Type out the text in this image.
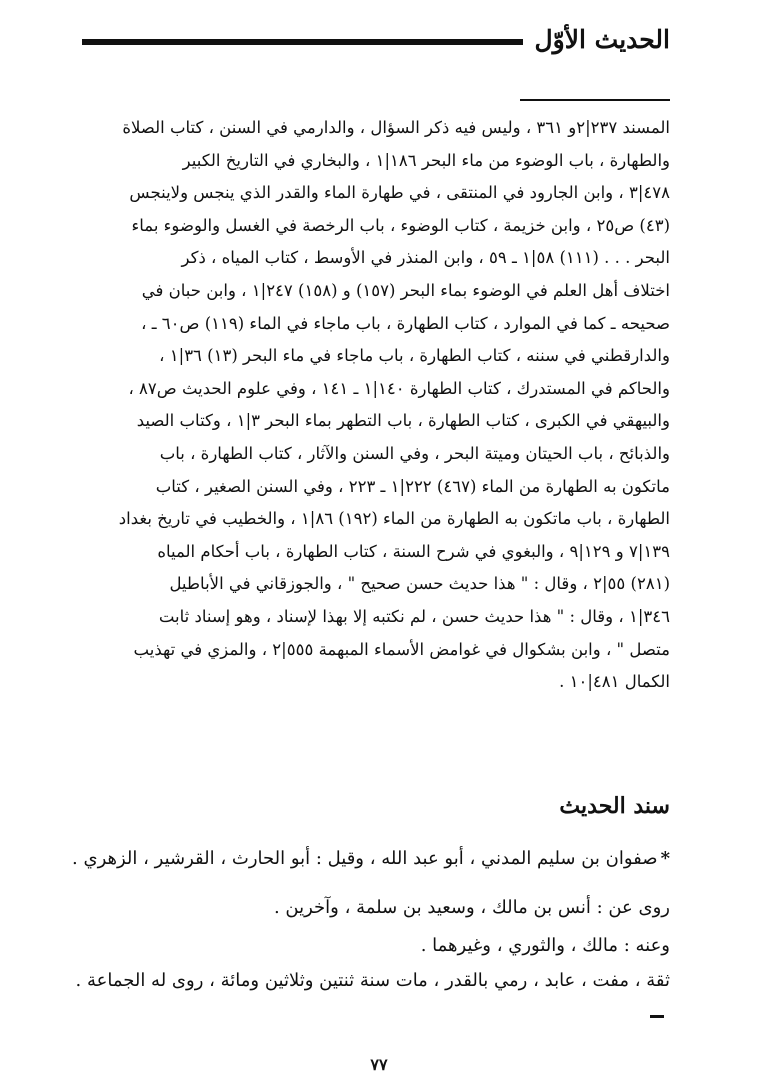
الحديث الأوّل
المسند ٢٣٧|٢و ٣٦١ ، وليس فيه ذكر السؤال ، والدارمي في السنن ، كتاب الصلاة
والطهارة ، باب الوضوء من ماء البحر ١٨٦|١ ، والبخاري في التاريخ الكبير
٤٧٨|٣ ، وابن الجارود في المنتقى ، في طهارة الماء والقدر الذي ينجس ولاينجس
(٤٣) ص٢٥ ، وابن خزيمة ، كتاب الوضوء ، باب الرخصة في الغسل والوضوء بماء
البحر . . . (١١١) ٥٨|١ ـ ٥٩ ، وابن المنذر في الأوسط ، كتاب المياه ، ذكر
اختلاف أهل العلم في الوضوء بماء البحر (١٥٧) و (١٥٨) ٢٤٧|١ ، وابن حبان في
صحيحه ـ كما في الموارد ، كتاب الطهارة ، باب ماجاء في الماء (١١٩) ص٦٠ ـ ،
والدارقطني في سننه ، كتاب الطهارة ، باب ماجاء في ماء البحر (١٣) ٣٦|١ ،
والحاكم في المستدرك ، كتاب الطهارة ١٤٠|١ ـ ١٤١ ، وفي علوم الحديث ص٨٧ ،
والبيهقي في الكبرى ، كتاب الطهارة ، باب التطهر بماء البحر ٣|١ ، وكتاب الصيد
والذبائح ، باب الحيتان وميتة البحر ، وفي السنن والآثار ، كتاب الطهارة ، باب
ماتكون به الطهارة من الماء (٤٦٧) ٢٢٢|١ ـ ٢٢٣ ، وفي السنن الصغير ، كتاب
الطهارة ، باب ماتكون به الطهارة من الماء (١٩٢) ٨٦|١ ، والخطيب في تاريخ بغداد
١٣٩|٧ و ١٢٩|٩ ، والبغوي في شرح السنة ، كتاب الطهارة ، باب أحكام المياه
(٢٨١) ٥٥|٢ ، وقال : " هذا حديث حسن صحيح " ، والجوزقاني في الأباطيل
٣٤٦|١ ، وقال : " هذا حديث حسن ، لم نكتبه إلا بهذا لإسناد ، وهو إسناد ثابت
متصل " ، وابن بشكوال في غوامض الأسماء المبهمة ٥٥٥|٢ ، والمزي في تهذيب
الكمال ٤٨١|١٠ .
سند الحديث
*صفوان بن سليم المدني ، أبو عبد الله ، وقيل : أبو الحارث ، القرشير ، الزهري .
روى عن : أنس بن مالك ، وسعيد بن سلمة ، وآخرين .
وعنه : مالك ، والثوري ، وغيرهما .
ثقة ، مفت ، عابد ، رمي بالقدر ، مات سنة ثنتين وثلاثين ومائة ، روى له الجماعة .
٧٧
